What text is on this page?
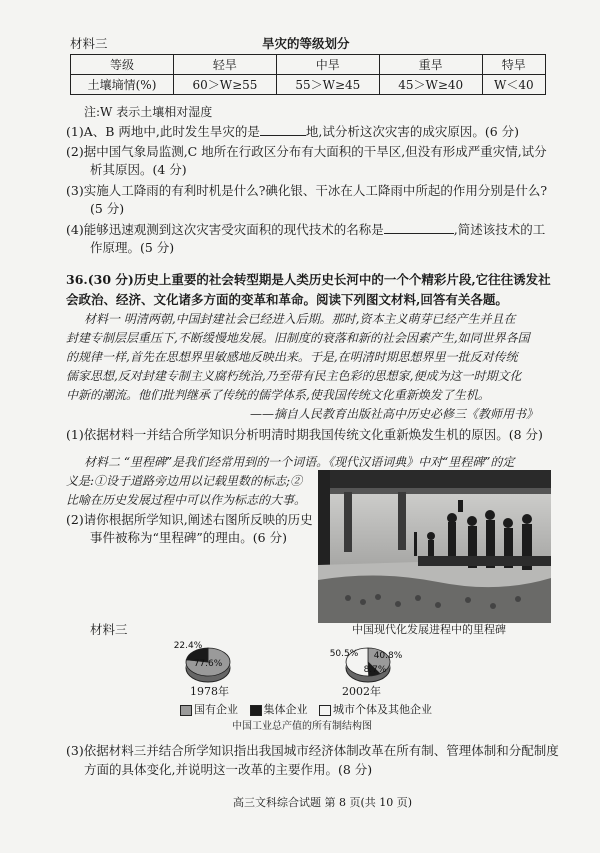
材料三	旱灾的等级划分
等级	轻旱	中旱	重旱	特旱
土壤墒情(%)	60＞W≥55	55＞W≥45	45＞W≥40	W＜40
注:W 表示土壤相对湿度
(1)A、B 两地中,此时发生旱灾的是	地,试分析这次灾害的成灾原因。(6 分)
(2)据中国气象局监测,C 地所在行政区分布有大面积的干旱区,但没有形成严重灾情,试分
析其原因。(4 分)
(3)实施人工降雨的有利时机是什么?碘化银、干冰在人工降雨中所起的作用分别是什么?
(5 分)
(4)能够迅速观测到这次灾害受灾面积的现代技术的名称是	,简述该技术的工
作原理。(5 分)
36.(30 分)历史上重要的社会转型期是人类历史长河中的一个个精彩片段,它往往诱发社
会政治、经济、文化诸多方面的变革和革命。阅读下列图文材料,回答有关各题。
材料一 明清两朝,中国封建社会已经进入后期。那时,资本主义萌芽已经产生并且在
封建专制层层重压下,不断缓慢地发展。旧制度的衰落和新的社会因素产生,如同世界各国
的规律一样,首先在思想界里敏感地反映出来。于是,在明清时期思想界里一批反对传统
儒家思想,反对封建专制主义腐朽统治,乃至带有民主色彩的思想家,便成为这一时期文化
中新的潮流。他们批判继承了传统的儒学体系,使我国传统文化重新焕发了生机。
——摘自人民教育出版社高中历史必修三《教师用书》
(1)依据材料一并结合所学知识分析明清时期我国传统文化重新焕发生机的原因。(8 分)
材料二 “里程碑”是我们经常用到的一个词语。《现代汉语词典》中对“里程碑”的定
义是:①设于道路旁边用以记载里数的标志;②
比喻在历史发展过程中可以作为标志的大事。
(2)请你根据所学知识,阐述右图所反映的历史
事件被称为“里程碑”的理由。(6 分)
材料三	中国现代化发展进程中的里程碑
77.6%
22.4%
40.8%
8.7%
50.5%
1978年	2002年
国有企业 集体企业 城市个体及其他企业
中国工业总产值的所有制结构图
(3)依据材料三并结合所学知识指出我国城市经济体制改革在所有制、管理体制和分配制度
方面的具体变化,并说明这一改革的主要作用。(8 分)
高三文科综合试题 第 8 页(共 10 页)
